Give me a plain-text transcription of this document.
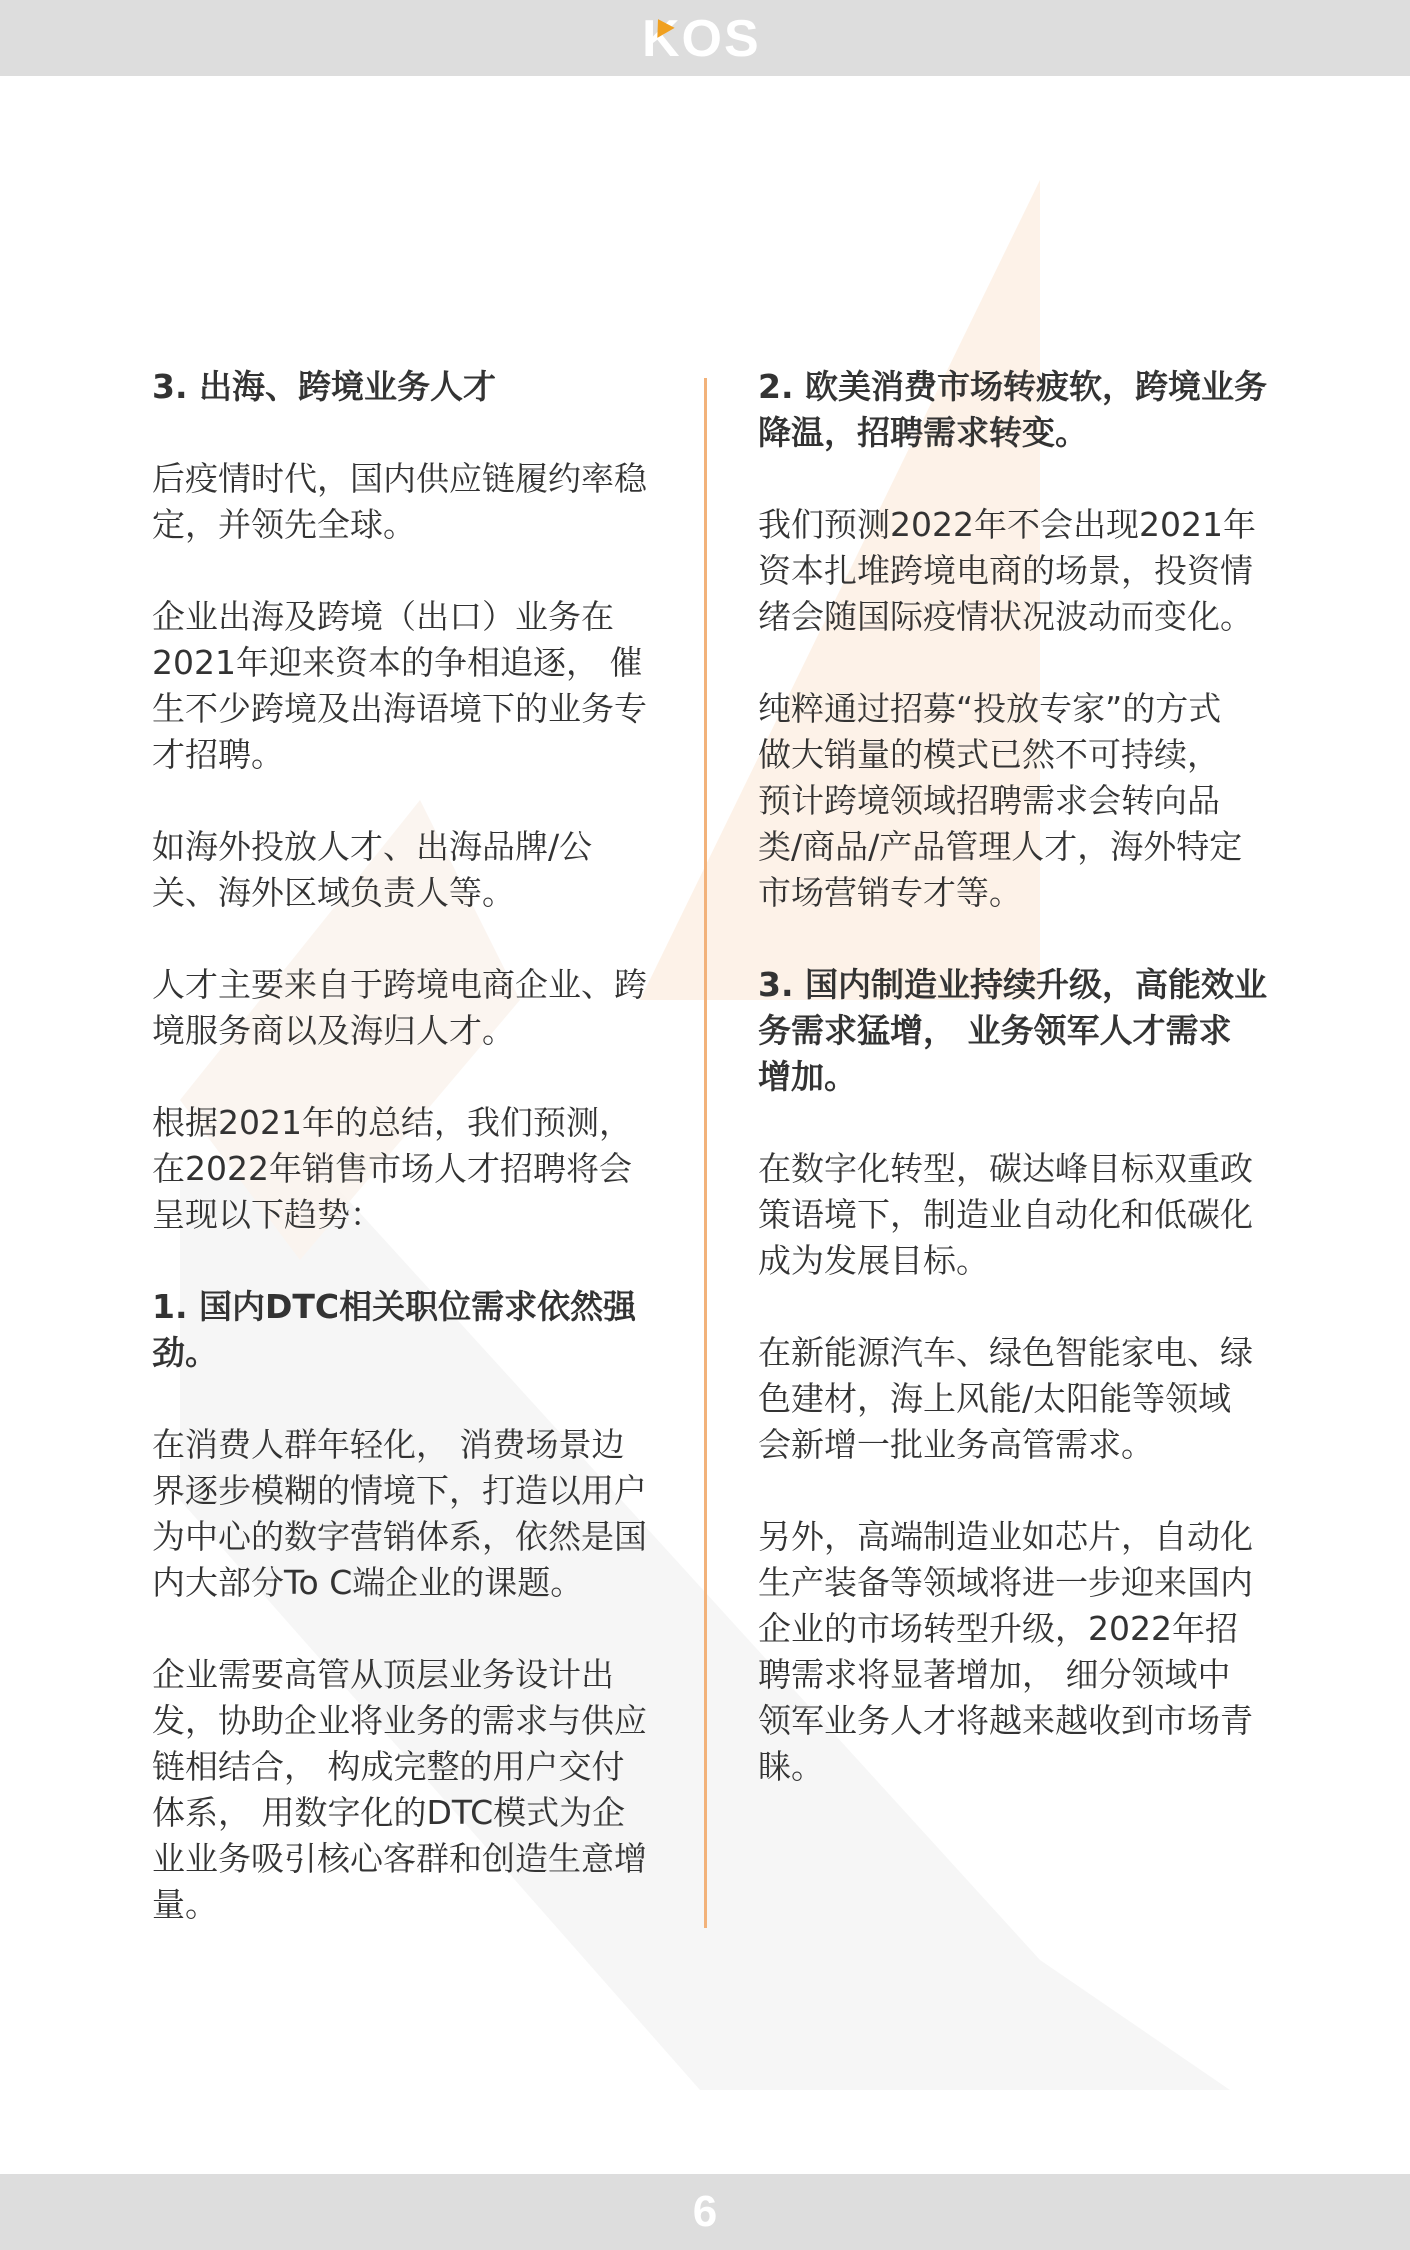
KOS

3. 出海、跨境业务人才

后疫情时代，国内供应链履约率稳
定，并领先全球。

企业出海及跨境（出口）业务在
2021年迎来资本的争相追逐， 催
生不少跨境及出海语境下的业务专
才招聘。

如海外投放人才、出海品牌/公
关、海外区域负责人等。

人才主要来自于跨境电商企业、跨
境服务商以及海归人才。

根据2021年的总结，我们预测，
在2022年销售市场人才招聘将会
呈现以下趋势：

1. 国内DTC相关职位需求依然强
劲。

在消费人群年轻化， 消费场景边
界逐步模糊的情境下，打造以用户
为中心的数字营销体系，依然是国
内大部分To C端企业的课题。

企业需要高管从顶层业务设计出
发，协助企业将业务的需求与供应
链相结合， 构成完整的用户交付
体系， 用数字化的DTC模式为企
业业务吸引核心客群和创造生意增
量。

2. 欧美消费市场转疲软，跨境业务
降温，招聘需求转变。

我们预测2022年不会出现2021年
资本扎堆跨境电商的场景，投资情
绪会随国际疫情状况波动而变化。

纯粹通过招募“投放专家”的方式
做大销量的模式已然不可持续，
预计跨境领域招聘需求会转向品
类/商品/产品管理人才，海外特定
市场营销专才等。

3. 国内制造业持续升级，高能效业
务需求猛增， 业务领军人才需求
增加。

在数字化转型，碳达峰目标双重政
策语境下，制造业自动化和低碳化
成为发展目标。

在新能源汽车、绿色智能家电、绿
色建材，海上风能/太阳能等领域
会新增一批业务高管需求。

另外，高端制造业如芯片，自动化
生产装备等领域将进一步迎来国内
企业的市场转型升级，2022年招
聘需求将显著增加， 细分领域中
领军业务人才将越来越收到市场青
睐。

6
